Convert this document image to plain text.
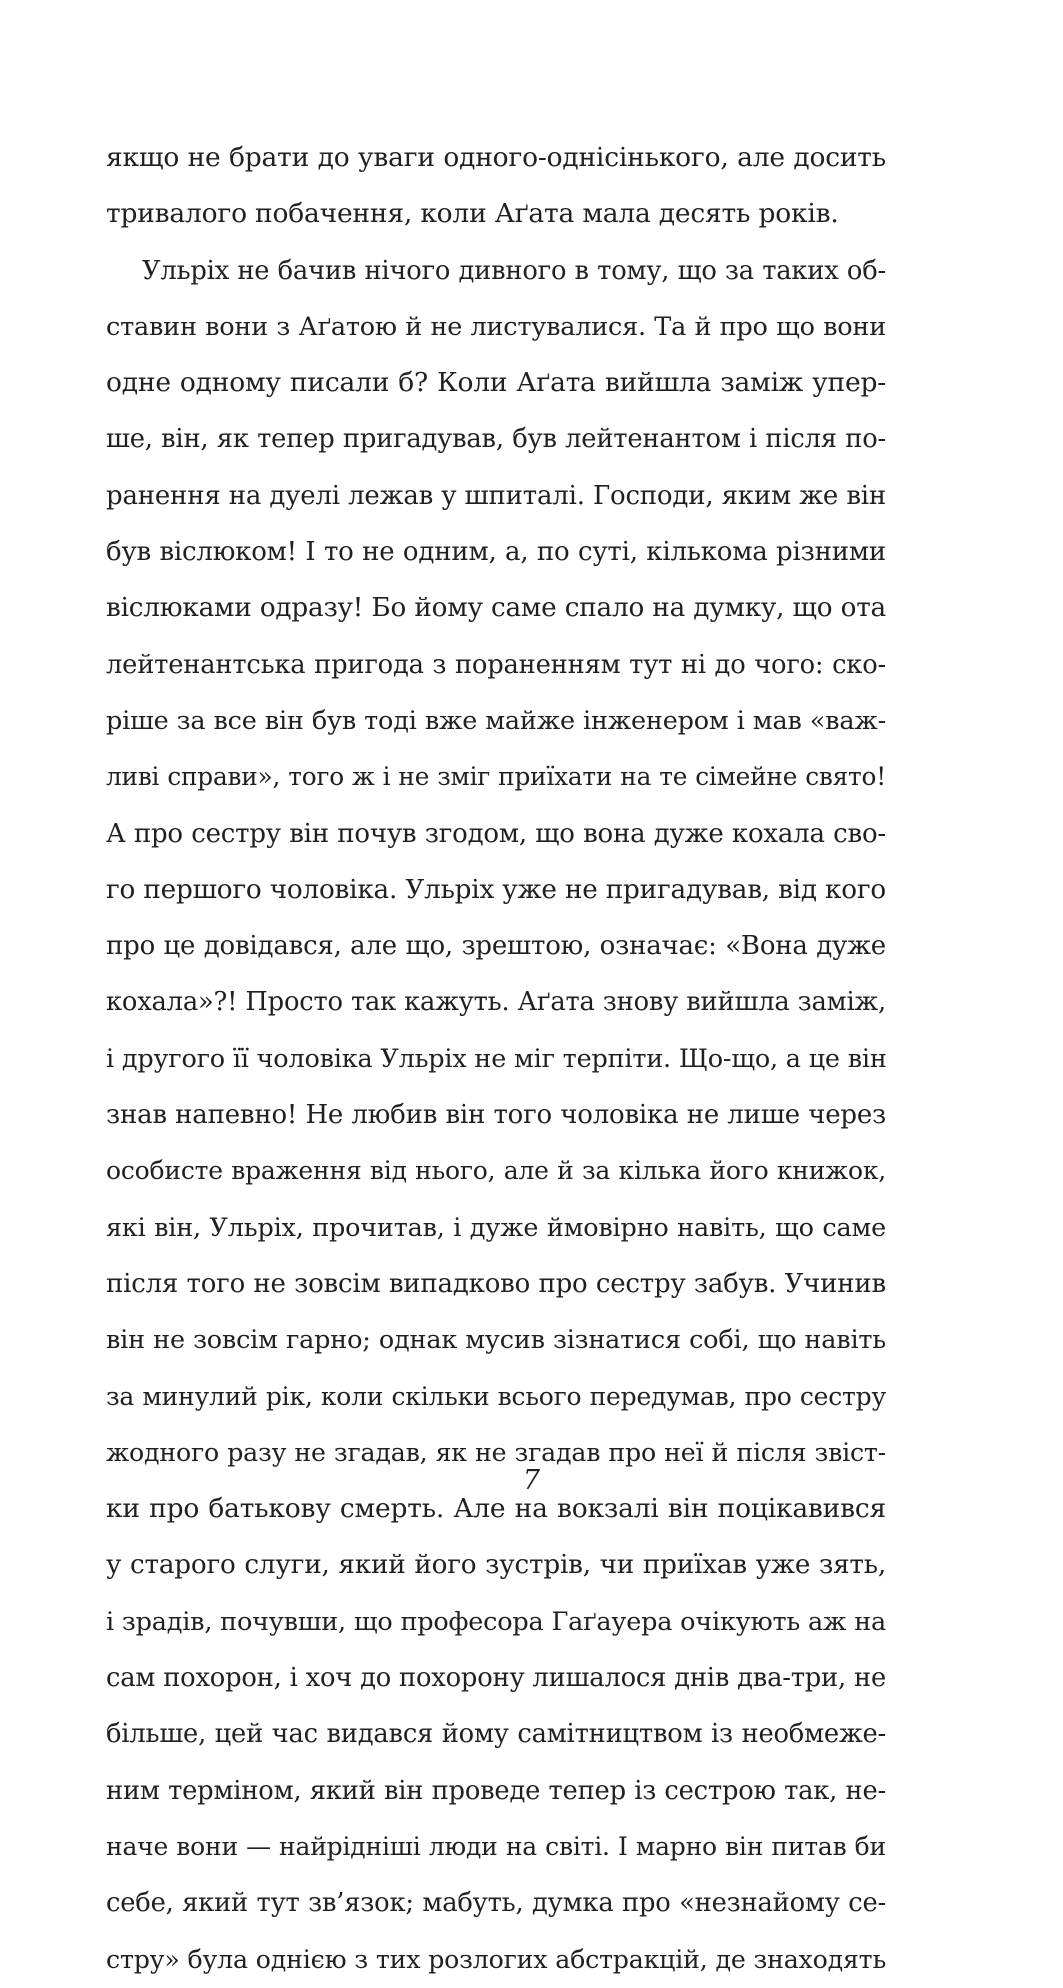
якщо не брати до уваги одного-однісінького, але досить
тривалого побачення, коли Аґата мала десять років.
Ульріх не бачив нічого дивного в тому, що за таких об-
ставин вони з Аґатою й не листувалися. Та й про що вони
одне одному писали б? Коли Аґата вийшла заміж упер-
ше, він, як тепер пригадував, був лейтенантом і після по-
ранення на дуелі лежав у шпиталі. Господи, яким же він
був віслюком! І то не одним, а, по суті, кількома різними
віслюками одразу! Бо йому саме спало на думку, що ота
лейтенантська пригода з пораненням тут ні до чого: ско-
ріше за все він був тоді вже майже інженером і мав «важ-
ливі справи», того ж і не зміг приїхати на те сімейне свято!
А про сестру він почув згодом, що вона дуже кохала сво-
го першого чоловіка. Ульріх уже не пригадував, від кого
про це довідався, але що, зрештою, означає: «Вона дуже
кохала»?! Просто так кажуть. Аґата знову вийшла заміж,
і другого її чоловіка Ульріх не міг терпіти. Що-що, а це він
знав напевно! Не любив він того чоловіка не лише через
особисте враження від нього, але й за кілька його книжок,
які він, Ульріх, прочитав, і дуже ймовірно навіть, що саме
після того не зовсім випадково про сестру забув. Учинив
він не зовсім гарно; однак мусив зізнатися собі, що навіть
за минулий рік, коли скільки всього передумав, про сестру
жодного разу не згадав, як не згадав про неї й після звіст-
ки про батькову смерть. Але на вокзалі він поцікавився
у старого слуги, який його зустрів, чи приїхав уже зять,
і зрадів, почувши, що професора Гаґауера очікують аж на
сам похорон, і хоч до похорону лишалося днів два-три, не
більше, цей час видався йому самітництвом із необмеже-
ним терміном, який він проведе тепер із сестрою так, не-
наче вони — найрідніші люди на світі. І марно він питав би
себе, який тут зв’язок; мабуть, думка про «незнайому се-
стру» була однією з тих розлогих абстракцій, де знаходять
7
